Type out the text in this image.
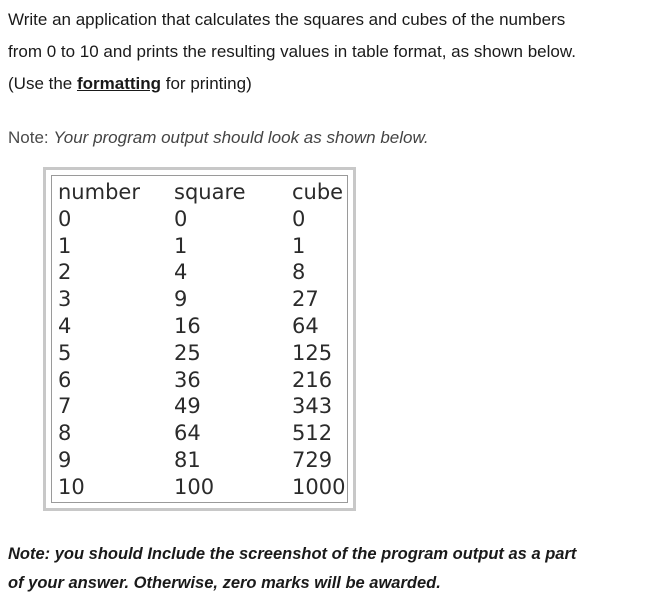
Write an application that calculates the squares and cubes of the numbers
from 0 to 10 and prints the resulting values in table format, as shown below.
(Use the formatting for printing)
Note: Your program output should look as shown below.
number	square	cube
0	0	0
1	1	1
2	4	8
3	9	27
4	16	64
5	25	125
6	36	216
7	49	343
8	64	512
9	81	729
10	100	1000
Note: you should Include the screenshot of the program output as a part
of your answer. Otherwise, zero marks will be awarded.
